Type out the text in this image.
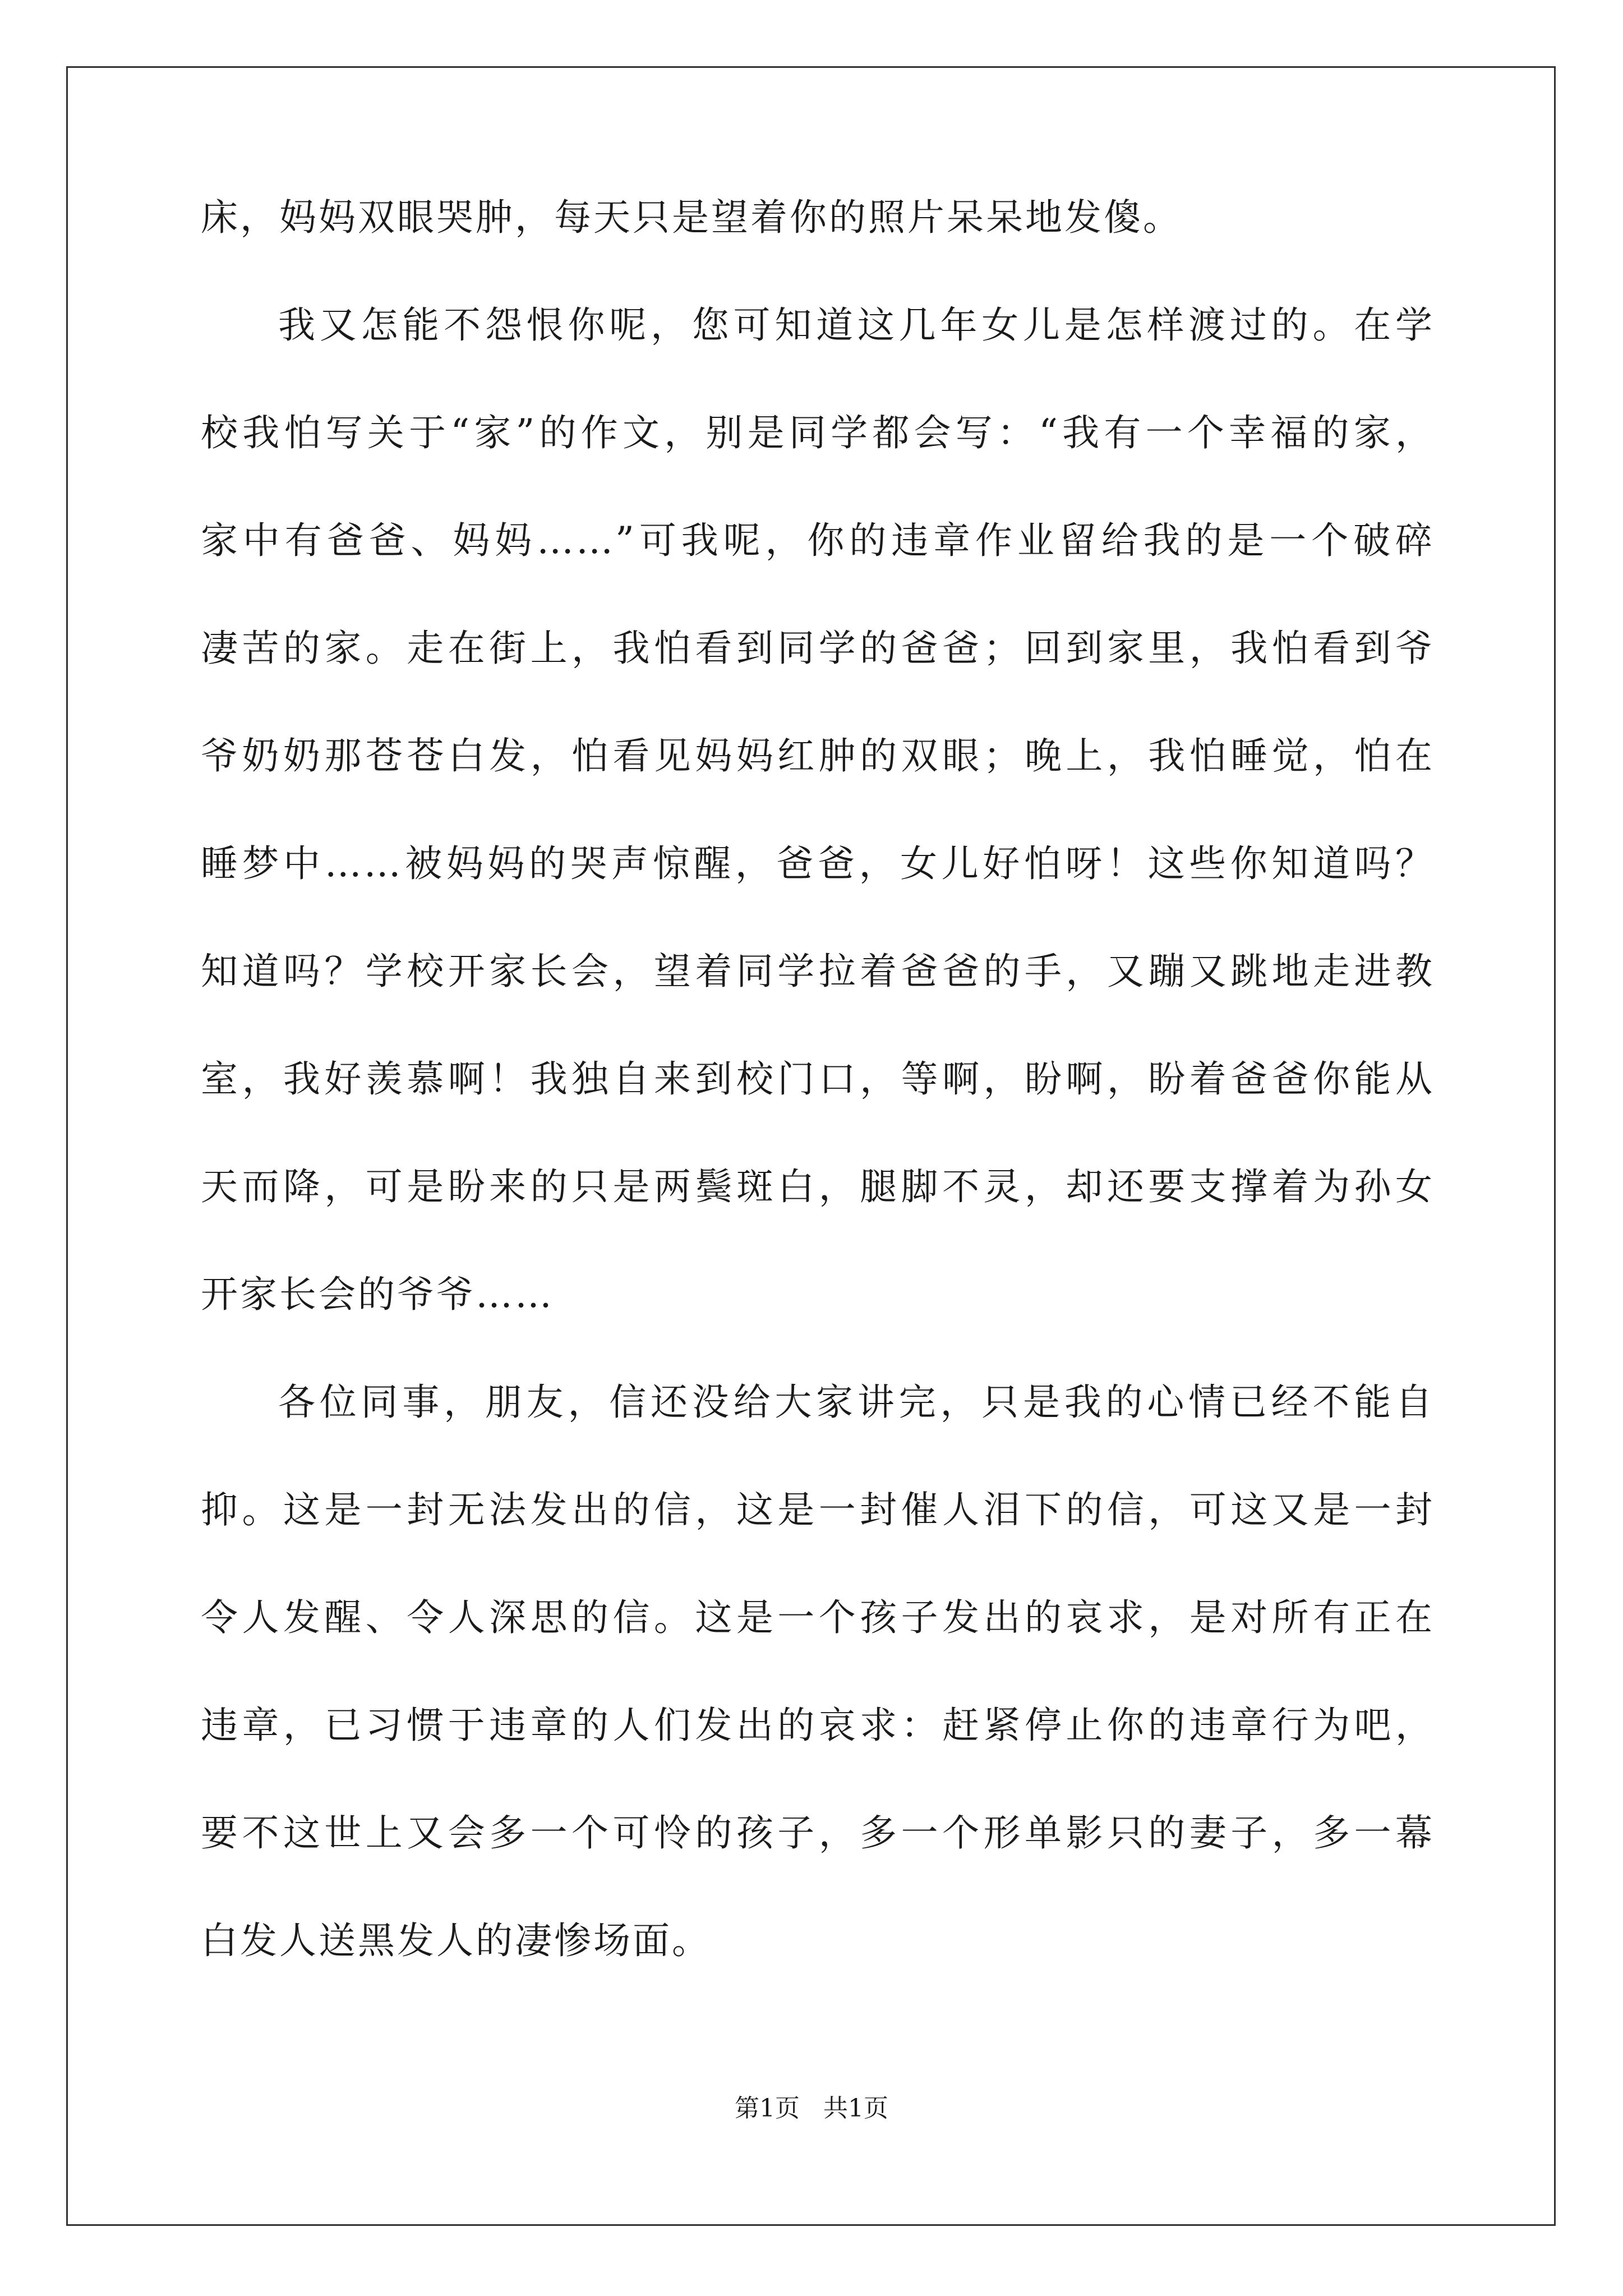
床，妈妈双眼哭肿，每天只是望着你的照片呆呆地发傻。
我又怎能不怨恨你呢，您可知道这几年女儿是怎样渡过的。在学
校我怕写关于“家”的作文，别是同学都会写：“我有一个幸福的家，
家中有爸爸、妈妈……”可我呢，你的违章作业留给我的是一个破碎
凄苦的家。走在街上，我怕看到同学的爸爸；回到家里，我怕看到爷
爷奶奶那苍苍白发，怕看见妈妈红肿的双眼；晚上，我怕睡觉，怕在
睡梦中……被妈妈的哭声惊醒，爸爸，女儿好怕呀！这些你知道吗？
知道吗？学校开家长会，望着同学拉着爸爸的手，又蹦又跳地走进教
室，我好羡慕啊！我独自来到校门口，等啊，盼啊，盼着爸爸你能从
天而降，可是盼来的只是两鬓斑白，腿脚不灵，却还要支撑着为孙女
开家长会的爷爷……
各位同事，朋友，信还没给大家讲完，只是我的心情已经不能自
抑。这是一封无法发出的信，这是一封催人泪下的信，可这又是一封
令人发醒、令人深思的信。这是一个孩子发出的哀求，是对所有正在
违章，已习惯于违章的人们发出的哀求：赶紧停止你的违章行为吧，
要不这世上又会多一个可怜的孩子，多一个形单影只的妻子，多一幕
白发人送黑发人的凄惨场面。
第1页   共1页
